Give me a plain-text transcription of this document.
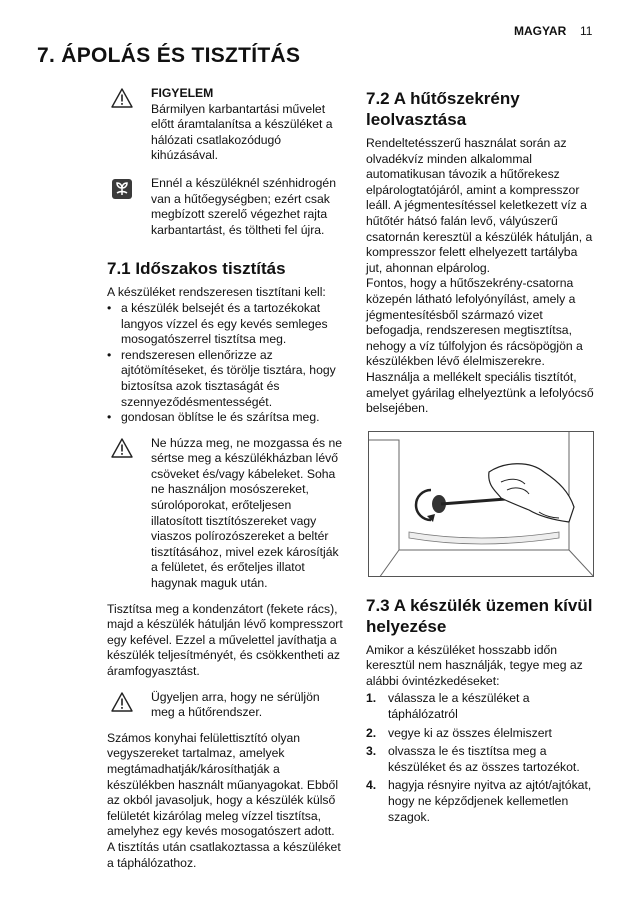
MAGYAR 11
7. ÁPOLÁS ÉS TISZTÍTÁS
FIGYELEM

Bármilyen karbantartási művelet előtt áramtalanítsa a készüléket a hálózati csatlakozódugó kihúzásával.

Ennél a készüléknél szénhidrogén van a hűtőegységben; ezért csak megbízott szerelő végezhet rajta karbantartást, és töltheti fel újra.

7.1 Időszakos tisztítás

A készüléket rendszeresen tisztítani kell:

• a készülék belsejét és a tartozékokat langyos vízzel és egy kevés semleges mosogatószerrel tisztítsa meg.
• rendszeresen ellenőrizze az ajtótömítéseket, és törölje tisztára, hogy biztosítsa azok tisztaságát és szennyeződésmentességét.
• gondosan öblítse le és szárítsa meg.

Ne húzza meg, ne mozgassa és ne sértse meg a készülékházban lévő csöveket és/vagy kábeleket. Soha ne használjon mosószereket, súrolóporokat, erőteljesen illatosított tisztítószereket vagy viaszos polírozószereket a beltér tisztításához, mivel ezek károsítják a felületet, és erőteljes illatot hagynak maguk után.

Tisztítsa meg a kondenzátort (fekete rács), majd a készülék hátulján lévő kompresszort egy kefével. Ezzel a művelettel javíthatja a készülék teljesítményét, és csökkentheti az áramfogyasztást.

Ügyeljen arra, hogy ne sérüljön meg a hűtőrendszer.

Számos konyhai felülettisztító olyan vegyszereket tartalmaz, amelyek megtámadhatják/károsíthatják a készülékben használt műanyagokat. Ebből az okból javasoljuk, hogy a készülék külső felületét kizárólag meleg vízzel tisztítsa, amelyhez egy kevés mosogatószert adott.

A tisztítás után csatlakoztassa a készüléket a táphálózathoz.

7.2 A hűtőszekrény leolvasztása

Rendeltetésszerű használat során az olvadékvíz minden alkalommal automatikusan távozik a hűtőrekesz elpárologtatójáról, amint a kompresszor leáll. A jégmentesítéssel keletkezett víz a hűtőtér hátsó falán levő, vályúszerű csatornán keresztül a készülék hátulján, a kompresszor felett elhelyezett tartályba jut, ahonnan elpárolog.

Fontos, hogy a hűtőszekrény-csatorna közepén látható lefolyónyílást, amely a jégmentesítésből származó vizet befogadja, rendszeresen megtisztítsa, nehogy a víz túlfolyjon és rácsöpögjön a készülékben lévő élelmiszerekre. Használja a mellékelt speciális tisztítót, amelyet gyárilag elhelyeztünk a lefolyócső belsejében.

7.3 A készülék üzemen kívül helyezése

Amikor a készüléket hosszabb időn keresztül nem használják, tegye meg az alábbi óvintézkedéseket:

1. válassza le a készüléket a táphálózatról
2. vegye ki az összes élelmiszert
3. olvassza le és tisztítsa meg a készüléket és az összes tartozékot.
4. hagyja résnyire nyitva az ajtót/ajtókat, hogy ne képződjenek kellemetlen szagok.
